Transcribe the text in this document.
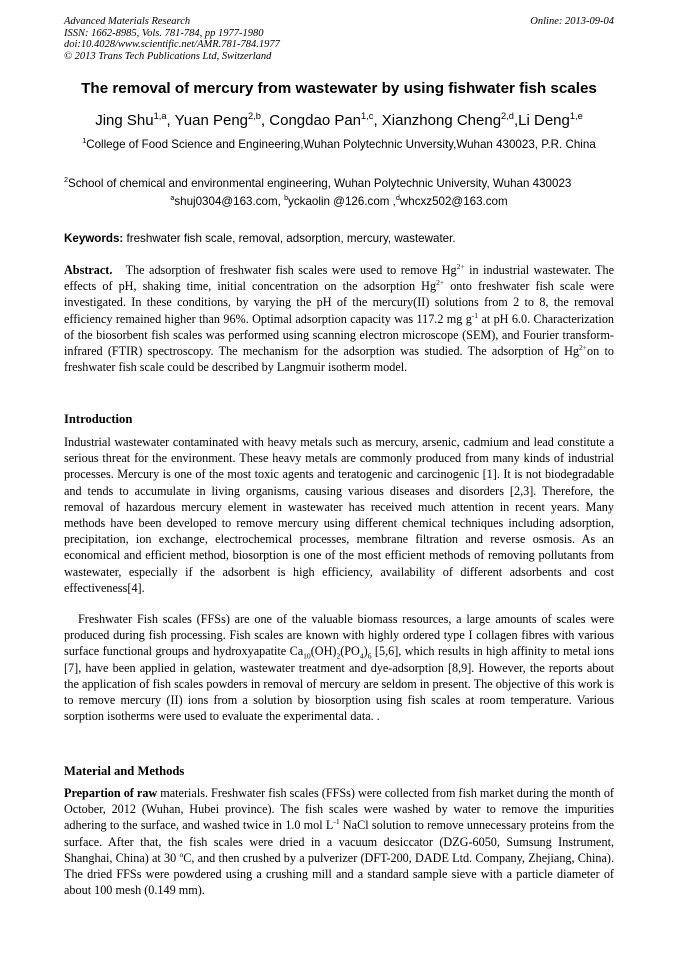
Advanced Materials Research
ISSN: 1662-8985, Vols. 781-784, pp 1977-1980
doi:10.4028/www.scientific.net/AMR.781-784.1977
© 2013 Trans Tech Publications Ltd, Switzerland
Online: 2013-09-04
The removal of mercury from wastewater by using fishwater fish scales
Jing Shu$^{1,a}$, Yuan Peng$^{2,b}$, Congdao Pan$^{1,c}$, Xianzhong Cheng$^{2,d}$,Li Deng$^{1,e}$
$^1$College of Food Science and Engineering,Wuhan Polytechnic Unversity,Wuhan 430023, P.R. China
$^2$School of chemical and environmental engineering, Wuhan Polytechnic University, Wuhan 430023
$^a$shuj0304@163.com, $^b$yckaolin @126.com ,$^d$whcxz502@163.com
Keywords: freshwater fish scale, removal, adsorption, mercury, wastewater.
Abstract. The adsorption of freshwater fish scales were used to remove $Hg^{2+}$ in industrial wastewater. The effects of pH, shaking time, initial concentration on the adsorption $Hg^{2+}$ onto freshwater fish scale were investigated. In these conditions, by varying the pH of the mercury(II) solutions from 2 to 8, the removal efficiency remained higher than 96%. Optimal adsorption capacity was 117.2 mg $g^{-1}$ at pH 6.0. Characterization of the biosorbent fish scales was performed using scanning electron microscope (SEM), and Fourier transform-infrared (FTIR) spectroscopy. The mechanism for the adsorption was studied. The adsorption of $Hg^{2+}on$ to freshwater fish scale could be described by Langmuir isotherm model.
Introduction
Industrial wastewater contaminated with heavy metals such as mercury, arsenic, cadmium and lead constitute a serious threat for the environment. These heavy metals are commonly produced from many kinds of industrial processes. Mercury is one of the most toxic agents and teratogenic and carcinogenic [1]. It is not biodegradable and tends to accumulate in living organisms, causing various diseases and disorders [2,3]. Therefore, the removal of hazardous mercury element in wastewater has received much attention in recent years. Many methods have been developed to remove mercury using different chemical techniques including adsorption, precipitation, ion exchange, electrochemical processes, membrane filtration and reverse osmosis. As an economical and efficient method, biosorption is one of the most efficient methods of removing pollutants from wastewater, especially if the adsorbent is high efficiency, availability of different adsorbents and cost effectiveness[4].
Freshwater Fish scales (FFSs) are one of the valuable biomass resources, a large amounts of scales were produced during fish processing. Fish scales are known with highly ordered type I collagen fibres with various surface functional groups and hydroxyapatite $Ca_{10}(OH)_2(PO_4)_6$ [5,6], which results in high affinity to metal ions [7], have been applied in gelation, wastewater treatment and dye-adsorption [8,9]. However, the reports about the application of fish scales powders in removal of mercury are seldom in present. The objective of this work is to remove mercury (II) ions from a solution by biosorption using fish scales at room temperature. Various sorption isotherms were used to evaluate the experimental data. .
Material and Methods
Prepartion of raw materials. Freshwater fish scales (FFSs) were collected from fish market during the month of October, 2012 (Wuhan, Hubei province). The fish scales were washed by water to remove the impurities adhering to the surface, and washed twice in 1.0 mol $L^{-1}$ NaCl solution to remove unnecessary proteins from the surface. After that, the fish scales were dried in a vacuum desiccator (DZG-6050, Sumsung Instrument, Shanghai, China) at 30 $^o$C, and then crushed by a pulverizer (DFT-200, DADE Ltd. Company, Zhejiang, China). The dried FFSs were powdered using a crushing mill and a standard sample sieve with a particle diameter of about 100 mesh (0.149 mm).
